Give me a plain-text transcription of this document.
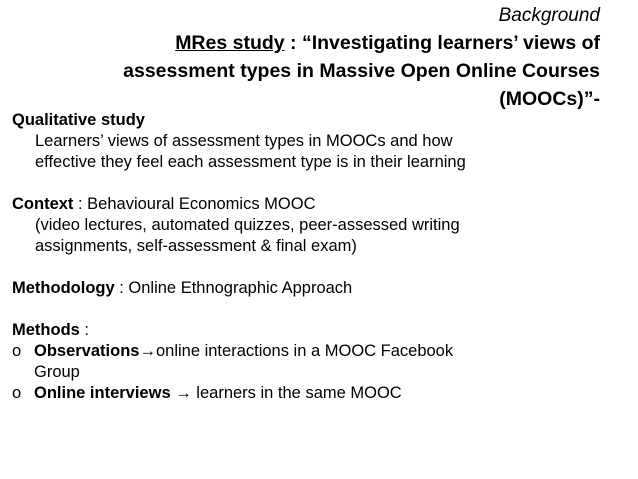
Background
MRes study : “Investigating learners’ views of
assessment types in Massive Open Online Courses
(MOOCs)”-
Qualitative study
Learners’ views of assessment types in MOOCs and how
effective they feel each assessment type is in their learning
Context : Behavioural Economics MOOC
(video lectures, automated quizzes, peer-assessed writing
assignments, self-assessment & final exam)
Methodology : Online Ethnographic Approach
Methods :
o Observations→online interactions in a MOOC Facebook
Group
o Online interviews → learners in the same MOOC
